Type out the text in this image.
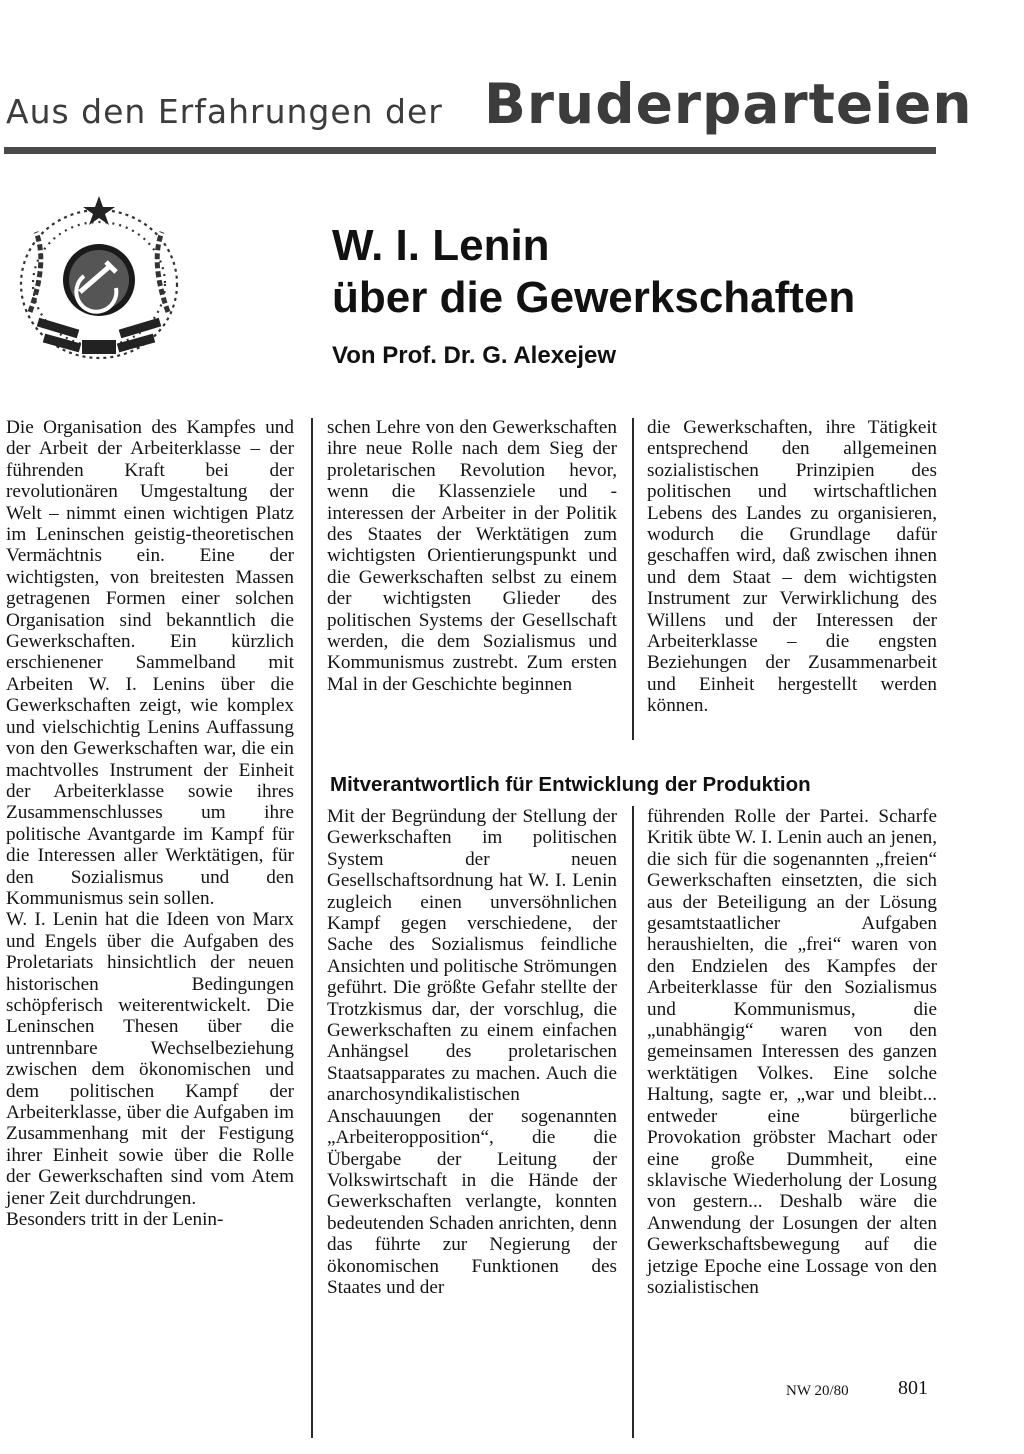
Aus den Erfahrungen der Bruderparteien
W. I. Lenin
über die Gewerkschaften
Von Prof. Dr. G. Alexejew

Die Organisation des Kampfes und der Arbeit der Arbeiterklasse – der führenden Kraft bei der revolutionären Umgestaltung der Welt – nimmt einen wichtigen Platz im Leninschen geistig-theoretischen Vermächtnis ein. Eine der wichtigsten, von breitesten Massen getragenen Formen einer solchen Organisation sind bekanntlich die Gewerkschaften. Ein kürzlich erschienener Sammelband mit Arbeiten W. I. Lenins über die Gewerkschaften zeigt, wie komplex und vielschichtig Lenins Auffassung von den Gewerkschaften war, die ein machtvolles Instrument der Einheit der Arbeiterklasse sowie ihres Zusammenschlusses um ihre politische Avantgarde im Kampf für die Interessen aller Werktätigen, für den Sozialismus und den Kommunismus sein sollen.

W. I. Lenin hat die Ideen von Marx und Engels über die Aufgaben des Proletariats hinsichtlich der neuen historischen Bedingungen schöpferisch weiterentwickelt. Die Leninschen Thesen über die untrennbare Wechselbeziehung zwischen dem ökonomischen und dem politischen Kampf der Arbeiterklasse, über die Aufgaben im Zusammenhang mit der Festigung ihrer Einheit sowie über die Rolle der Gewerkschaften sind vom Atem jener Zeit durchdrungen.

Besonders tritt in der Lenin-

schen Lehre von den Gewerkschaften ihre neue Rolle nach dem Sieg der proletarischen Revolution hevor, wenn die Klassenziele und -interessen der Arbeiter in der Politik des Staates der Werktätigen zum wichtigsten Orientierungspunkt und die Gewerkschaften selbst zu einem der wichtigsten Glieder des politischen Systems der Gesellschaft werden, die dem Sozialismus und Kommunismus zustrebt. Zum ersten Mal in der Geschichte beginnen

die Gewerkschaften, ihre Tätigkeit entsprechend den allgemeinen sozialistischen Prinzipien des politischen und wirtschaftlichen Lebens des Landes zu organisieren, wodurch die Grundlage dafür geschaffen wird, daß zwischen ihnen und dem Staat – dem wichtigsten Instrument zur Verwirklichung des Willens und der Interessen der Arbeiterklasse – die engsten Beziehungen der Zusammenarbeit und Einheit hergestellt werden können.

Mitverantwortlich für Entwicklung der Produktion

Mit der Begründung der Stellung der Gewerkschaften im politischen System der neuen Gesellschaftsordnung hat W. I. Lenin zugleich einen unversöhnlichen Kampf gegen verschiedene, der Sache des Sozialismus feindliche Ansichten und politische Strömungen geführt. Die größte Gefahr stellte der Trotzkismus dar, der vorschlug, die Gewerkschaften zu einem einfachen Anhängsel des proletarischen Staatsapparates zu machen. Auch die anarchosyndikalistischen Anschauungen der sogenannten „Arbeiteropposition“, die die Übergabe der Leitung der Volkswirtschaft in die Hände der Gewerkschaften verlangte, konnten bedeutenden Schaden anrichten, denn das führte zur Negierung der ökonomischen Funktionen des Staates und der

führenden Rolle der Partei. Scharfe Kritik übte W. I. Lenin auch an jenen, die sich für die sogenannten „freien“ Gewerkschaften einsetzten, die sich aus der Beteiligung an der Lösung gesamtstaatlicher Aufgaben heraushielten, die „frei“ waren von den Endzielen des Kampfes der Arbeiterklasse für den Sozialismus und Kommunismus, die „unabhängig“ waren von den gemeinsamen Interessen des ganzen werktätigen Volkes. Eine solche Haltung, sagte er, „war und bleibt... entweder eine bürgerliche Provokation gröbster Machart oder eine große Dummheit, eine sklavische Wiederholung der Losung von gestern... Deshalb wäre die Anwendung der Losungen der alten Gewerkschaftsbewegung auf die jetzige Epoche eine Lossage von den sozialistischen

NW 20/80 801
